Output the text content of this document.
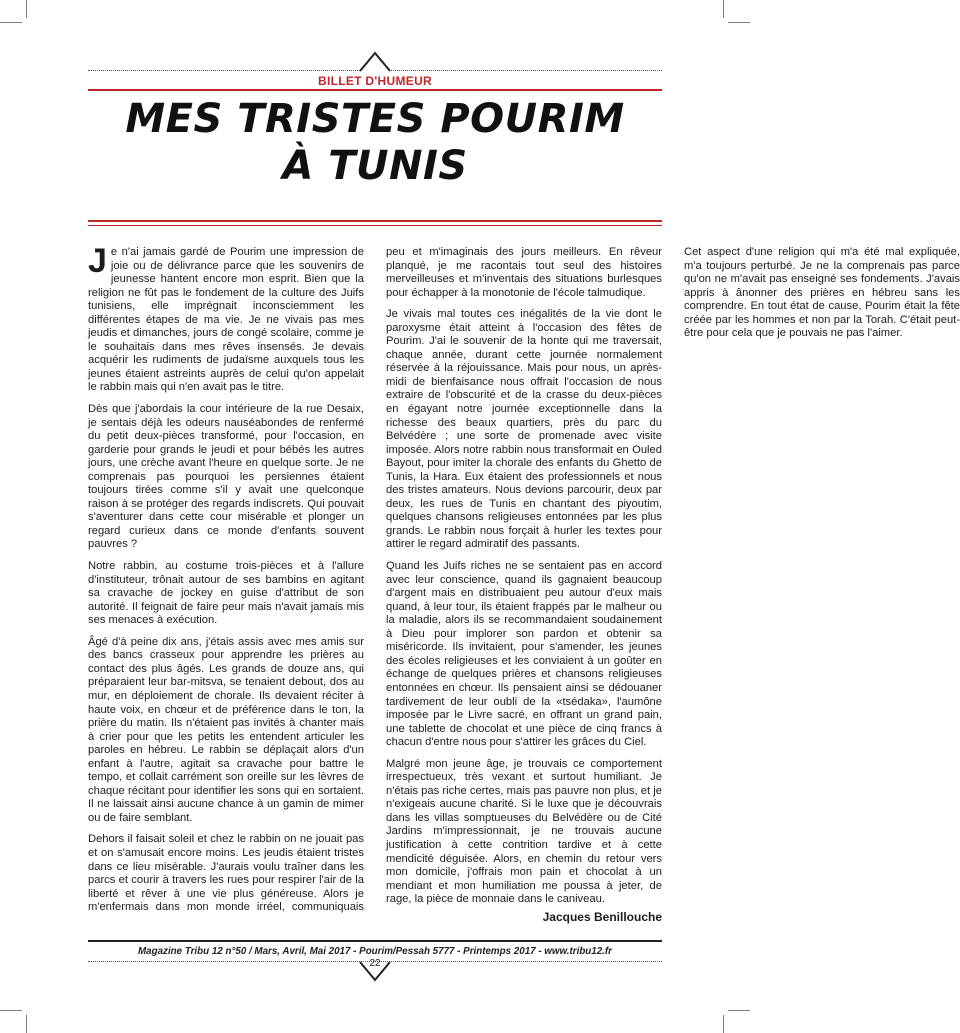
BILLET D'HUMEUR
MES TRISTES POURIM
À TUNIS

Je n'ai jamais gardé de Pourim une impression de joie ou de délivrance parce que les souvenirs de jeunesse hantent encore mon esprit. Bien que la religion ne fût pas le fondement de la culture des Juifs tunisiens, elle imprégnait inconsciemment les différentes étapes de ma vie. Je ne vivais pas mes jeudis et dimanches, jours de congé scolaire, comme je le souhaitais dans mes rêves insensés. Je devais acquérir les rudiments de judaïsme auxquels tous les jeunes étaient astreints auprès de celui qu'on appelait le rabbin mais qui n'en avait pas le titre.

Dès que j'abordais la cour intérieure de la rue Desaix, je sentais déjà les odeurs nauséabondes de renfermé du petit deux-pièces transformé, pour l'occasion, en garderie pour grands le jeudi et pour bébés les autres jours, une crèche avant l'heure en quelque sorte. Je ne comprenais pas pourquoi les persiennes étaient toujours tirées comme s'il y avait une quelconque raison à se protéger des regards indiscrets. Qui pouvait s'aventurer dans cette cour misérable et plonger un regard curieux dans ce monde d'enfants souvent pauvres ?

Notre rabbin, au costume trois-pièces et à l'allure d'instituteur, trônait autour de ses bambins en agitant sa cravache de jockey en guise d'attribut de son autorité. Il feignait de faire peur mais n'avait jamais mis ses menaces à exécution.

Âgé d'à peine dix ans, j'étais assis avec mes amis sur des bancs crasseux pour apprendre les prières au contact des plus âgés. Les grands de douze ans, qui préparaient leur bar-mitsva, se tenaient debout, dos au mur, en déploiement de chorale. Ils devaient réciter à haute voix, en chœur et de préférence dans le ton, la prière du matin. Ils n'étaient pas invités à chanter mais à crier pour que les petits les entendent articuler les paroles en hébreu. Le rabbin se déplaçait alors d'un enfant à l'autre, agitait sa cravache pour battre le tempo, et collait carrément son oreille sur les lèvres de chaque récitant pour identifier les sons qui en sortaient. Il ne laissait ainsi aucune chance à un gamin de mimer ou de faire semblant.

Dehors il faisait soleil et chez le rabbin on ne jouait pas et on s'amusait encore moins. Les jeudis étaient tristes dans ce lieu misérable. J'aurais voulu traîner dans les parcs et courir à travers les rues pour respirer l'air de la liberté et rêver à une vie plus généreuse. Alors je m'enfermais dans mon monde irréel, communiquais peu et m'imaginais des jours meilleurs. En rêveur planqué, je me racontais tout seul des histoires merveilleuses et m'inventais des situations burlesques pour échapper à la monotonie de l'école talmudique.

Je vivais mal toutes ces inégalités de la vie dont le paroxysme était atteint à l'occasion des fêtes de Pourim. J'ai le souvenir de la honte qui me traversait, chaque année, durant cette journée normalement réservée à la réjouissance. Mais pour nous, un après-midi de bienfaisance nous offrait l'occasion de nous extraire de l'obscurité et de la crasse du deux-pièces en égayant notre journée exceptionnelle dans la richesse des beaux quartiers, près du parc du Belvédère ; une sorte de promenade avec visite imposée. Alors notre rabbin nous transformait en Ouled Bayout, pour imiter la chorale des enfants du Ghetto de Tunis, la Hara. Eux étaient des professionnels et nous des tristes amateurs. Nous devions parcourir, deux par deux, les rues de Tunis en chantant des piyoutim, quelques chansons religieuses entonnées par les plus grands. Le rabbin nous forçait à hurler les textes pour attirer le regard admiratif des passants.

Quand les Juifs riches ne se sentaient pas en accord avec leur conscience, quand ils gagnaient beaucoup d'argent mais en distribuaient peu autour d'eux mais quand, à leur tour, ils étaient frappés par le malheur ou la maladie, alors ils se recommandaient soudainement à Dieu pour implorer son pardon et obtenir sa miséricorde. Ils invitaient, pour s'amender, les jeunes des écoles religieuses et les conviaient à un goûter en échange de quelques prières et chansons religieuses entonnées en chœur. Ils pensaient ainsi se dédouaner tardivement de leur oubli de la «tsédaka», l'aumône imposée par le Livre sacré, en offrant un grand pain, une tablette de chocolat et une pièce de cinq francs à chacun d'entre nous pour s'attirer les grâces du Ciel.

Malgré mon jeune âge, je trouvais ce comportement irrespectueux, très vexant et surtout humiliant. Je n'étais pas riche certes, mais pas pauvre non plus, et je n'exigeais aucune charité. Si le luxe que je découvrais dans les villas somptueuses du Belvédère ou de Cité Jardins m'impressionnait, je ne trouvais aucune justification à cette contrition tardive et à cette mendicité déguisée. Alors, en chemin du retour vers mon domicile, j'offrais mon pain et chocolat à un mendiant et mon humiliation me poussa à jeter, de rage, la pièce de monnaie dans le caniveau.

Cet aspect d'une religion qui m'a été mal expliquée, m'a toujours perturbé. Je ne la comprenais pas parce qu'on ne m'avait pas enseigné ses fondements. J'avais appris à ânonner des prières en hébreu sans les comprendre. En tout état de cause, Pourim était la fête créée par les hommes et non par la Torah. C'était peut-être pour cela que je pouvais ne pas l'aimer.

Jacques Benillouche
Magazine Tribu 12 n°50 / Mars, Avril, Mai 2017 - Pourim/Pessah 5777 - Printemps 2017 - www.tribu12.fr
22
